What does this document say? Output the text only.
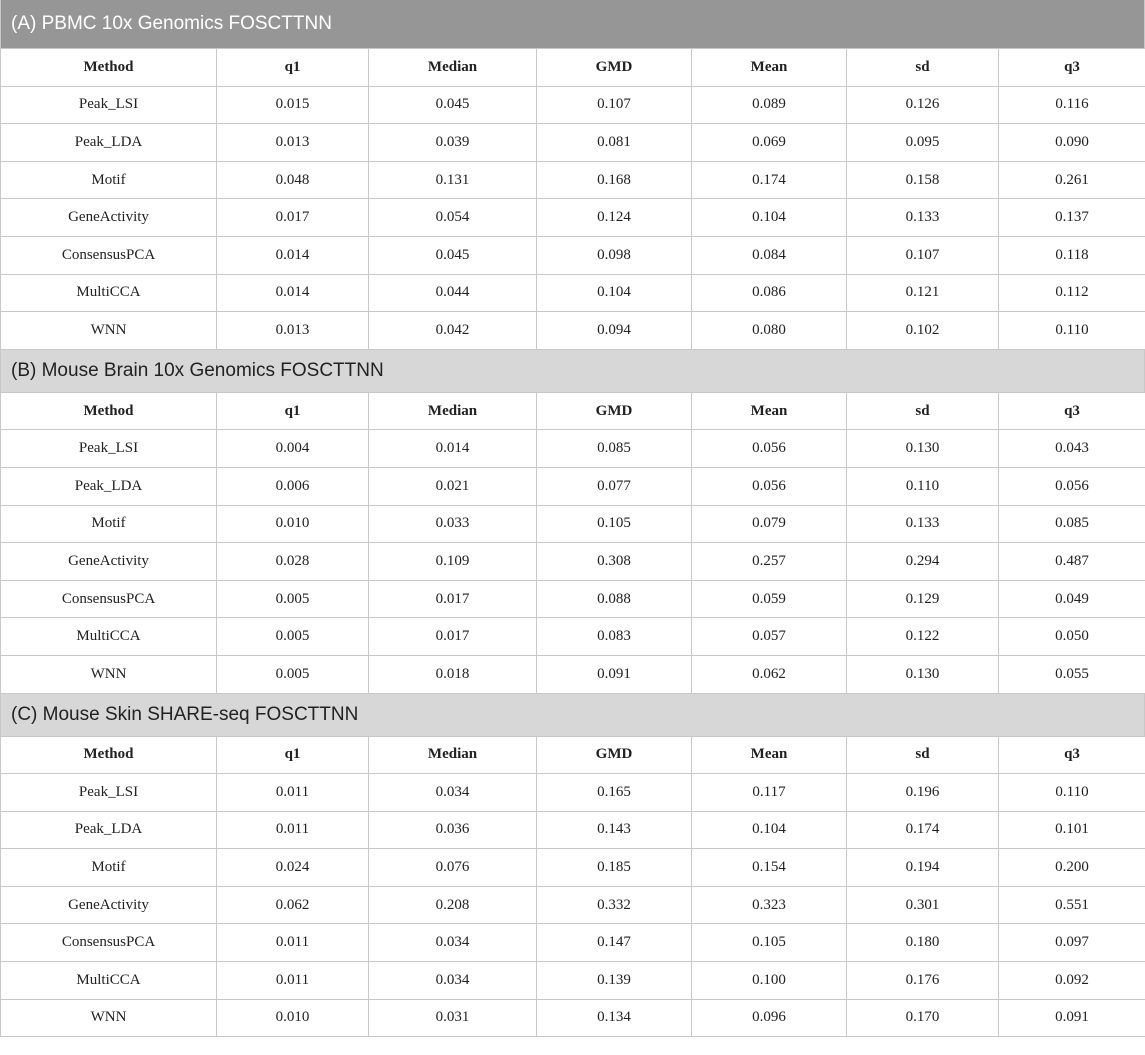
(A) PBMC 10x Genomics FOSCTTNN
Method	q1	Median	GMD	Mean	sd	q3
Peak_LSI	0.015	0.045	0.107	0.089	0.126	0.116
Peak_LDA	0.013	0.039	0.081	0.069	0.095	0.090
Motif	0.048	0.131	0.168	0.174	0.158	0.261
GeneActivity	0.017	0.054	0.124	0.104	0.133	0.137
ConsensusPCA	0.014	0.045	0.098	0.084	0.107	0.118
MultiCCA	0.014	0.044	0.104	0.086	0.121	0.112
WNN	0.013	0.042	0.094	0.080	0.102	0.110
(B) Mouse Brain 10x Genomics FOSCTTNN
Method	q1	Median	GMD	Mean	sd	q3
Peak_LSI	0.004	0.014	0.085	0.056	0.130	0.043
Peak_LDA	0.006	0.021	0.077	0.056	0.110	0.056
Motif	0.010	0.033	0.105	0.079	0.133	0.085
GeneActivity	0.028	0.109	0.308	0.257	0.294	0.487
ConsensusPCA	0.005	0.017	0.088	0.059	0.129	0.049
MultiCCA	0.005	0.017	0.083	0.057	0.122	0.050
WNN	0.005	0.018	0.091	0.062	0.130	0.055
(C) Mouse Skin SHARE-seq FOSCTTNN
Method	q1	Median	GMD	Mean	sd	q3
Peak_LSI	0.011	0.034	0.165	0.117	0.196	0.110
Peak_LDA	0.011	0.036	0.143	0.104	0.174	0.101
Motif	0.024	0.076	0.185	0.154	0.194	0.200
GeneActivity	0.062	0.208	0.332	0.323	0.301	0.551
ConsensusPCA	0.011	0.034	0.147	0.105	0.180	0.097
MultiCCA	0.011	0.034	0.139	0.100	0.176	0.092
WNN	0.010	0.031	0.134	0.096	0.170	0.091
